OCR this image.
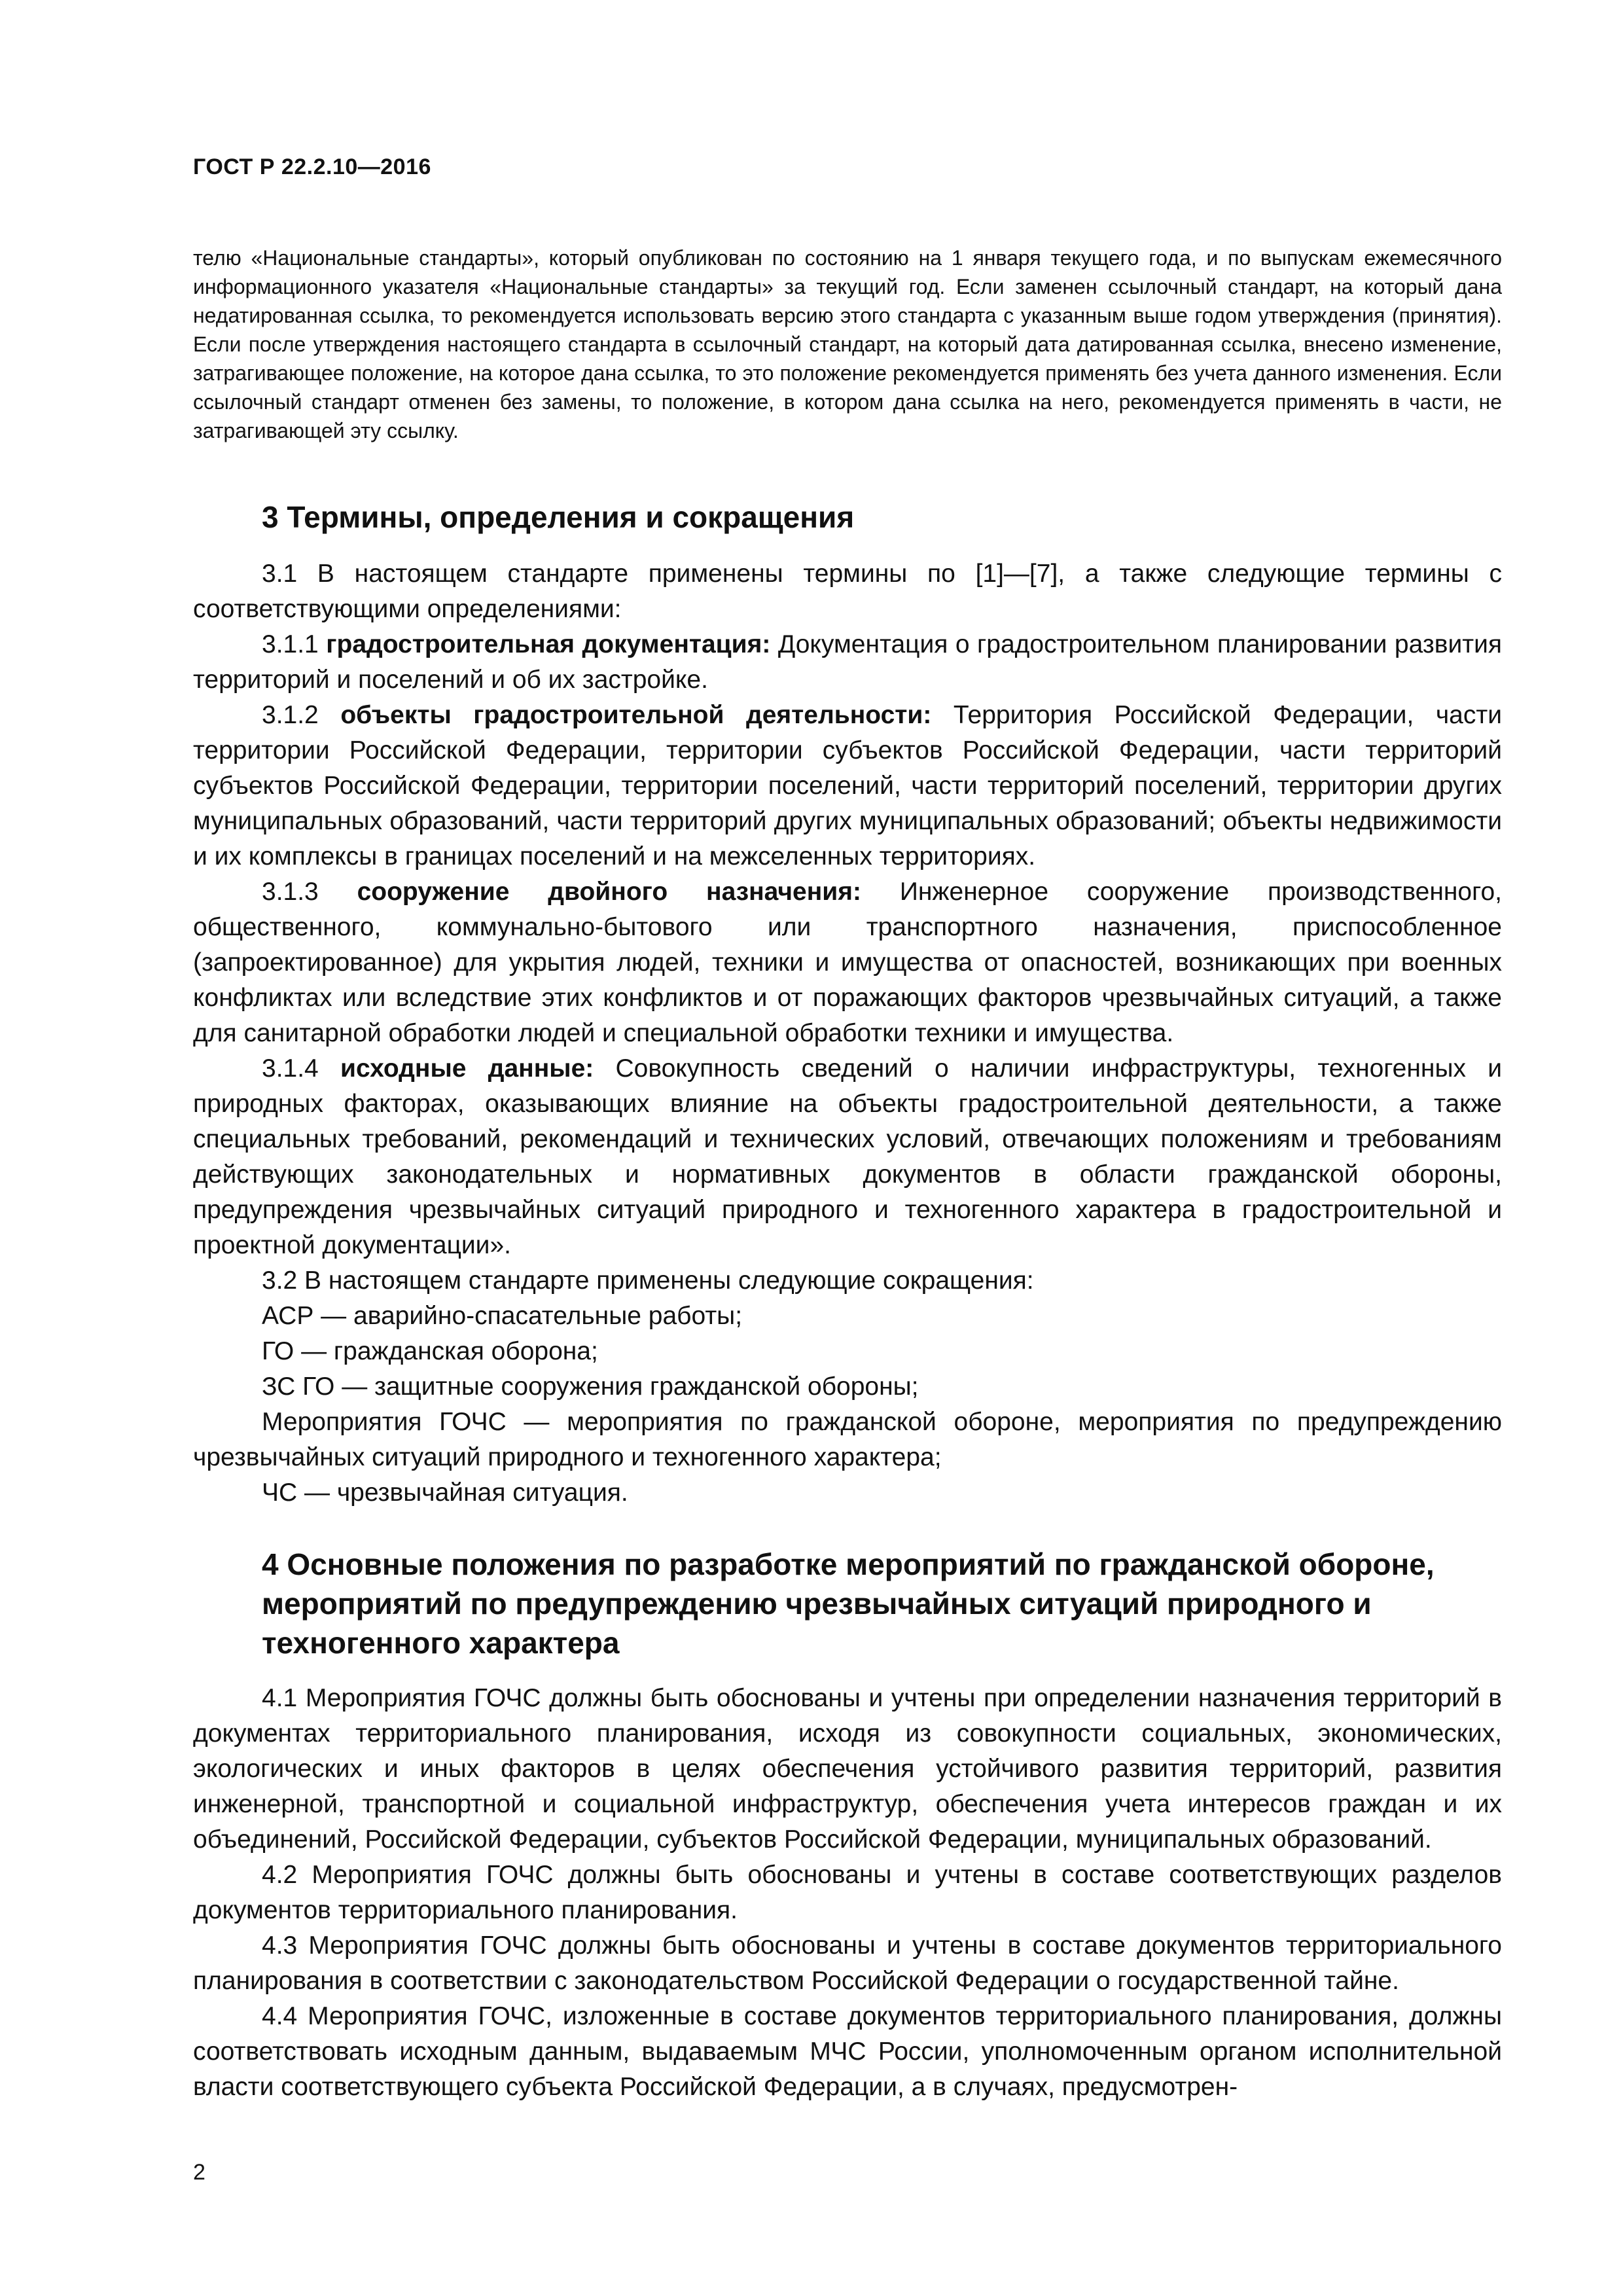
ГОСТ Р 22.2.10—2016

телю «Национальные стандарты», который опубликован по состоянию на 1 января текущего года, и по выпускам ежемесячного информационного указателя «Национальные стандарты» за текущий год. Если заменен ссылочный стандарт, на который дана недатированная ссылка, то рекомендуется использовать версию этого стандарта с указанным выше годом утверждения (принятия). Если после утверждения настоящего стандарта в ссылочный стандарт, на который дата датированная ссылка, внесено изменение, затрагивающее положение, на которое дана ссылка, то это положение рекомендуется применять без учета данного изменения. Если ссылочный стандарт отменен без замены, то положение, в котором дана ссылка на него, рекомендуется применять в части, не затрагивающей эту ссылку.

3 Термины, определения и сокращения

3.1 В настоящем стандарте применены термины по [1]—[7], а также следующие термины с соответствующими определениями:

3.1.1 градостроительная документация: Документация о градостроительном планировании развития территорий и поселений и об их застройке.

3.1.2 объекты градостроительной деятельности: Территория Российской Федерации, части территории Российской Федерации, территории субъектов Российской Федерации, части территорий субъектов Российской Федерации, территории поселений, части территорий поселений, территории других муниципальных образований, части территорий других муниципальных образований; объекты недвижимости и их комплексы в границах поселений и на межселенных территориях.

3.1.3 сооружение двойного назначения: Инженерное сооружение производственного, общественного, коммунально-бытового или транспортного назначения, приспособленное (запроектированное) для укрытия людей, техники и имущества от опасностей, возникающих при военных конфликтах или вследствие этих конфликтов и от поражающих факторов чрезвычайных ситуаций, а также для санитарной обработки людей и специальной обработки техники и имущества.

3.1.4 исходные данные: Совокупность сведений о наличии инфраструктуры, техногенных и природных факторах, оказывающих влияние на объекты градостроительной деятельности, а также специальных требований, рекомендаций и технических условий, отвечающих положениям и требованиям действующих законодательных и нормативных документов в области гражданской обороны, предупреждения чрезвычайных ситуаций природного и техногенного характера в градостроительной и проектной документации».

3.2 В настоящем стандарте применены следующие сокращения:

АСР — аварийно-спасательные работы;

ГО — гражданская оборона;

ЗС ГО — защитные сооружения гражданской обороны;

Мероприятия ГОЧС — мероприятия по гражданской обороне, мероприятия по предупреждению чрезвычайных ситуаций природного и техногенного характера;

ЧС — чрезвычайная ситуация.

4 Основные положения по разработке мероприятий по гражданской обороне, мероприятий по предупреждению чрезвычайных ситуаций природного и техногенного характера

4.1 Мероприятия ГОЧС должны быть обоснованы и учтены при определении назначения территорий в документах территориального планирования, исходя из совокупности социальных, экономических, экологических и иных факторов в целях обеспечения устойчивого развития территорий, развития инженерной, транспортной и социальной инфраструктур, обеспечения учета интересов граждан и их объединений, Российской Федерации, субъектов Российской Федерации, муниципальных образований.

4.2 Мероприятия ГОЧС должны быть обоснованы и учтены в составе соответствующих разделов документов территориального планирования.

4.3 Мероприятия ГОЧС должны быть обоснованы и учтены в составе документов территориального планирования в соответствии с законодательством Российской Федерации о государственной тайне.

4.4 Мероприятия ГОЧС, изложенные в составе документов территориального планирования, должны соответствовать исходным данным, выдаваемым МЧС России, уполномоченным органом исполнительной власти соответствующего субъекта Российской Федерации, а в случаях, предусмотрен-

2
